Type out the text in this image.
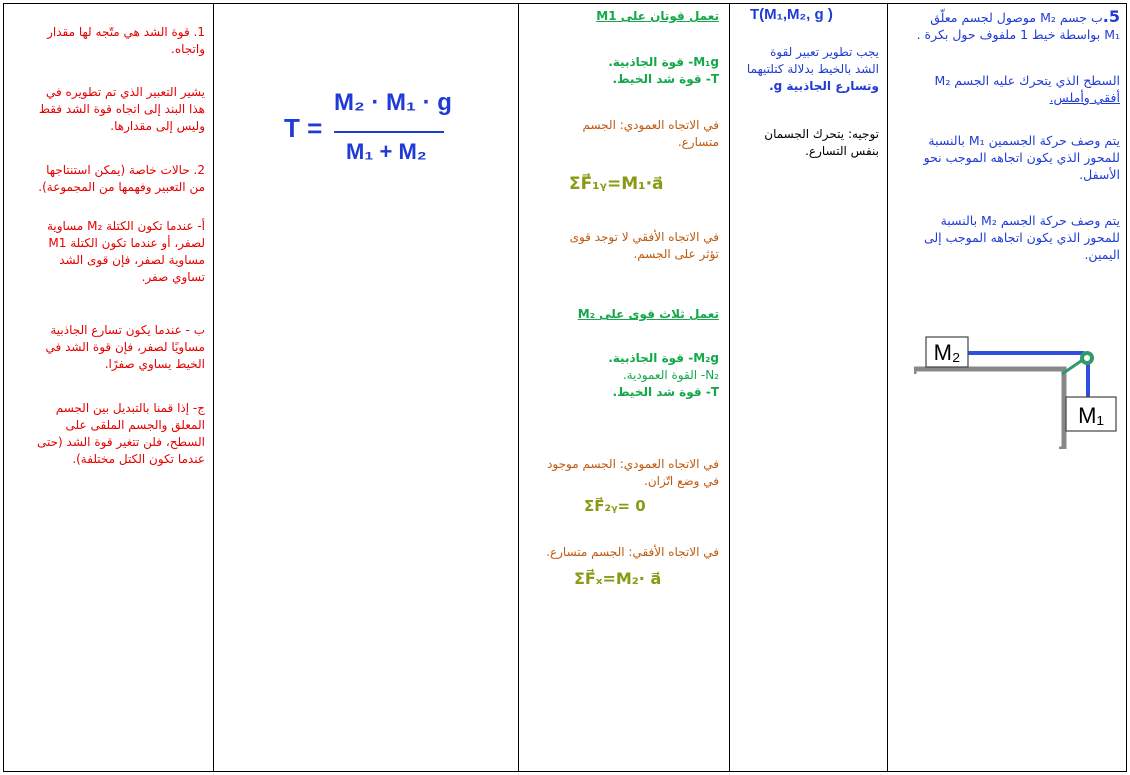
5.ب جسم M₂ موصول لجسم معلّق
M₁ بواسطة خيط 1 ملفوف حول بكرة .

السطح الذي يتحرك عليه الجسم M₂
أفقي وأملس.

يتم وصف حركة الجسمين M₁ بالنسبة
للمحور الذي يكون اتجاهه الموجب نحو
الأسفل.

يتم وصف حركة الجسم M₂ بالنسبة
للمحور الذي يكون اتجاهه الموجب إلى
اليمين.

M₂
M₁

T(M₁,M₂, g )

يجب تطوير تعبير لقوة
الشد بالخيط بدلالة كتلتيهما
وتسارع الجاذبية g.

توجيه: يتحرك الجسمان
بنفس التسارع.

تعمل قوتان على M1

M₁g- قوة الجاذبية.
T- قوة شد الخيط.

في الاتجاه العمودي: الجسم
متسارع.

ΣF⃗₁ᵧ=M₁·a⃗

في الاتجاه الأفقي لا توجد قوى
تؤثر على الجسم.

تعمل ثلاث قوى على M₂

M₂g- قوة الجاذبية.
N₂- القوة العمودية.
T- قوة شد الخيط.

في الاتجاه العمودي: الجسم موجود
في وضع اتّزان.

ΣF⃗₂ᵧ= 0

في الاتجاه الأفقي: الجسم متسارع.

ΣF⃗ₓ=M₂· a⃗

T =
M₂ · M₁ · g
M₁ + M₂

1. قوة الشد هي متّجه لها مقدار
واتجاه.

يشير التعبير الذي تم تطويره في
هذا البند إلى اتجاه قوة الشد فقط
وليس إلى مقدارها.

2. حالات خاصة (يمكن استنتاجها
من التعبير وفهمها من المجموعة).

أ- عندما تكون الكتلة M₂ مساوية
لصفر، أو عندما تكون الكتلة M1
مساوية لصفر، فإن قوى الشد
تساوي صفر.

ب - عندما يكون تسارع الجاذبية
مساويًا لصفر، فإن قوة الشد في
الخيط يساوي صفرًا.

ج- إذا قمنا بالتبديل بين الجسم
المعلق والجسم الملقى على
السطح، فلن تتغير قوة الشد (حتى
عندما تكون الكتل مختلفة).
